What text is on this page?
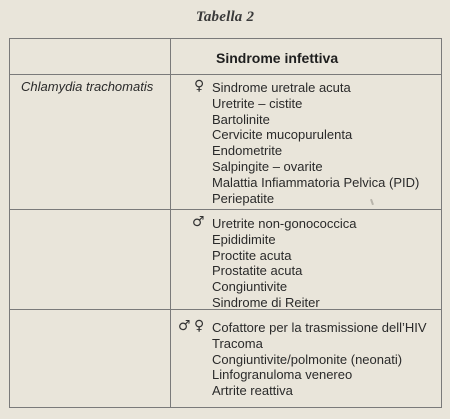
Tabella 2
Sindrome infettiva
Chlamydia trachomatis	♀ Sindrome uretrale acuta
Uretrite – cistite
Bartolinite
Cervicite mucopurulenta
Endometrite
Salpingite – ovarite
Malattia Infiammatoria Pelvica (PID)
Periepatite
♂ Uretrite non-gonococcica
Epididimite
Proctite acuta
Prostatite acuta
Congiuntivite
Sindrome di Reiter
♂ ♀ Cofattore per la trasmissione dell’HIV
Tracoma
Congiuntivite/polmonite (neonati)
Linfogranuloma venereo
Artrite reattiva
